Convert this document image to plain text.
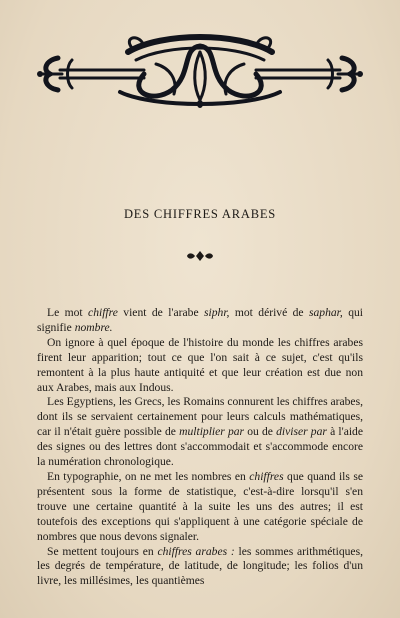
DES CHIFFRES ARABES

Le mot chiffre vient de l'arabe siphr, mot dérivé de saphar, qui signifie nombre.

On ignore à quel époque de l'histoire du monde les chiffres arabes firent leur apparition; tout ce que l'on sait à ce sujet, c'est qu'ils remontent à la plus haute antiquité et que leur création est due non aux Arabes, mais aux Indous.

Les Egyptiens, les Grecs, les Romains connurent les chiffres arabes, dont ils se servaient certainement pour leurs calculs mathématiques, car il n'était guère possible de multiplier par ou de diviser par à l'aide des signes ou des lettres dont s'accommodait et s'accommode encore la numération chronologique.

En typographie, on ne met les nombres en chiffres que quand ils se présentent sous la forme de statistique, c'est-à-dire lorsqu'il s'en trouve une certaine quantité à la suite les uns des autres; il est toutefois des exceptions qui s'appliquent à une catégorie spéciale de nombres que nous devons signaler.

Se mettent toujours en chiffres arabes : les sommes arithmétiques, les degrés de température, de latitude, de longitude; les folios d'un livre, les millésimes, les quantièmes
